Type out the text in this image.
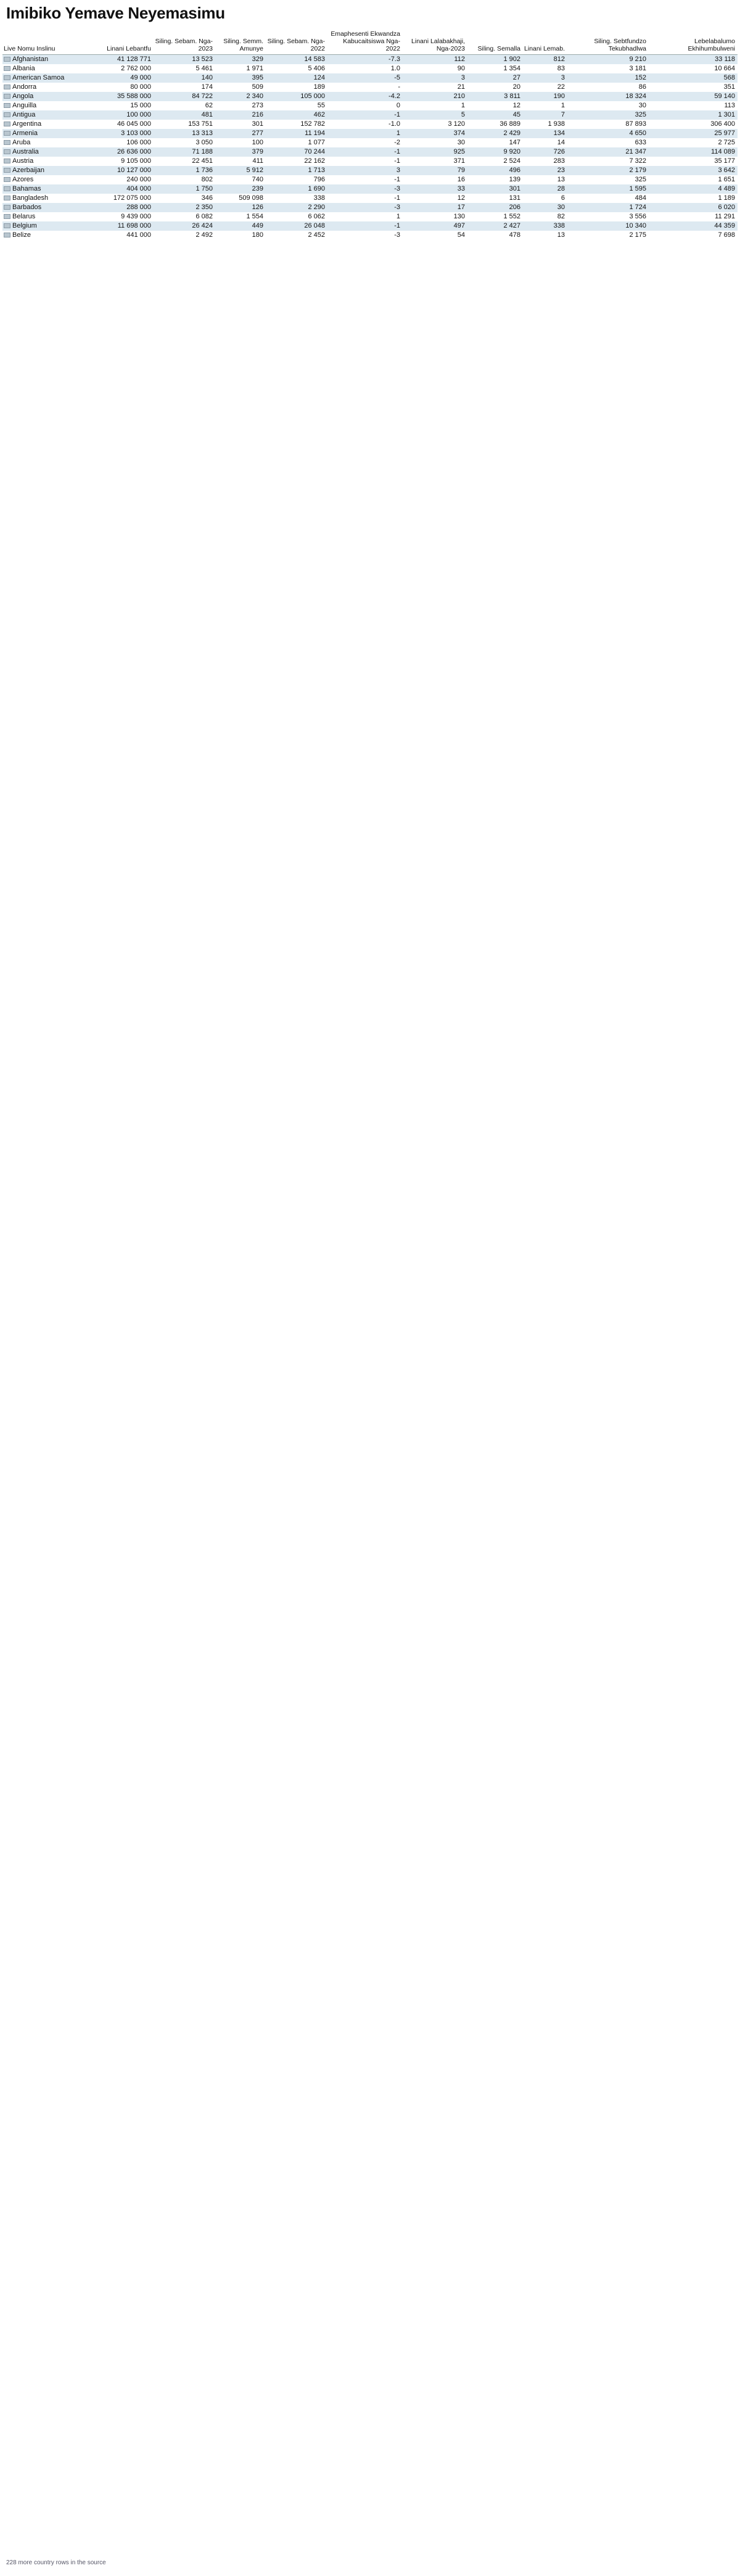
Imibiko Yemave Neyemasimu
Live Nomu Inslinu	Linani Lebantfu	Siling. Sebam. Nga-2023	Siling. Semm. Amunye	Siling. Sebam. Nga-2022	Emaphesenti Ekwandza Kabucaitsiswa Nga-2022	Linani Lalabakhaji, Nga-2023	Siling. Semalla	Linani Lemab.	Siling. Sebtfundzo Tekubhadlwa	Lebelabalumo Ekhihumbulweni
Afghanistan	41 128 771	13 523	329	14 583	-7.3	112	1 902	812	9 210	33 118
Albania	2 762 000	5 461	1 971	5 406	1.0	90	1 354	83	3 181	10 664
American Samoa	49 000	140	395	124	-5	3	27	3	152	568
Andorra	80 000	174	509	189	-	21	20	22	86	351
Angola	35 588 000	84 722	2 340	105 000	-4.2	210	3 811	190	18 324	59 140
Anguilla	15 000	62	273	55	0	1	12	1	30	113
Antigua	100 000	481	216	462	-1	5	45	7	325	1 301
Argentina	46 045 000	153 751	301	152 782	-1.0	3 120	36 889	1 938	87 893	306 400
Armenia	3 103 000	13 313	277	11 194	1	374	2 429	134	4 650	25 977
Aruba	106 000	3 050	100	1 077	-2	30	147	14	633	2 725
Australia	26 636 000	71 188	379	70 244	-1	925	9 920	726	21 347	114 089
Austria	9 105 000	22 451	411	22 162	-1	371	2 524	283	7 322	35 177
Azerbaijan	10 127 000	1 736	5 912	1 713	3	79	496	23	2 179	3 642
Azores	240 000	802	740	796	-1	16	139	13	325	1 651
Bahamas	404 000	1 750	239	1 690	-3	33	301	28	1 595	4 489
Bangladesh	172 075 000	346	509 098	338	-1	12	131	6	484	1 189
Barbados	288 000	2 350	126	2 290	-3	17	206	30	1 724	6 020
Belarus	9 439 000	6 082	1 554	6 062	1	130	1 552	82	3 556	11 291
Belgium	11 698 000	26 424	449	26 048	-1	497	2 427	338	10 340	44 359
Belize	441 000	2 492	180	2 452	-3	54	478	13	2 175	7 698
228 more country rows in the source
